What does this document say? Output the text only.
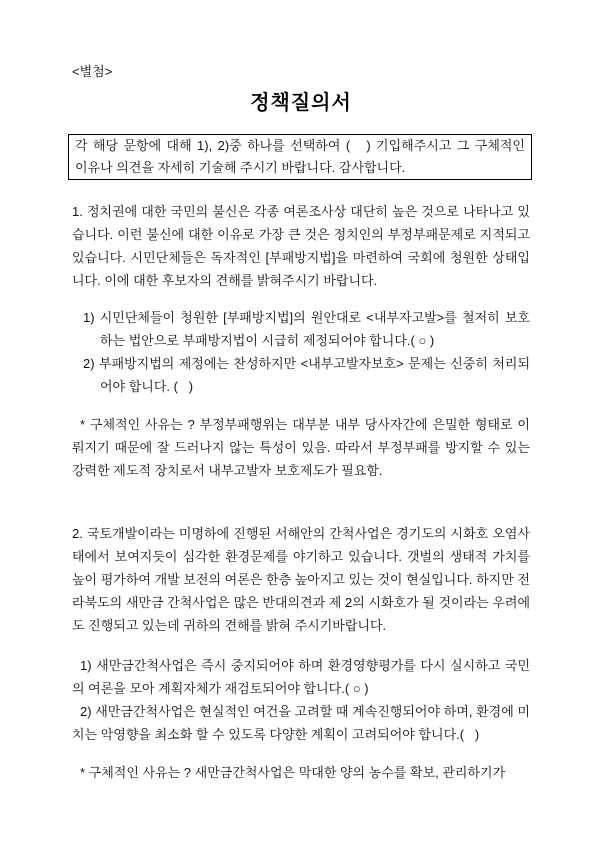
<별첨>
정책질의서
각 해당 문항에 대해 1), 2)중 하나를 선택하여 (   ) 기입해주시고 그 구체적인 이유나 의견을 자세히 기술해 주시기 바랍니다. 감사합니다.
1. 정치권에 대한 국민의 불신은 각종 여론조사상 대단히 높은 것으로 나타나고 있습니다. 이런 불신에 대한 이유로 가장 큰 것은 정치인의 부정부패문제로 지적되고 있습니다. 시민단체들은 독자적인 [부패방지법]을 마련하여 국회에 청원한 상태입니다. 이에 대한 후보자의 견해를 밝혀주시기 바랍니다.
1) 시민단체들이 청원한 [부패방지법]의 원안대로 <내부자고발>를 철저히 보호하는 법안으로 부패방지법이 시급히 제정되어야 합니다.( ○ )
2) 부패방지법의 제정에는 찬성하지만 <내부고발자보호> 문제는 신중히 처리되어야 합니다. (   )
* 구체적인 사유는 ? 부정부패행위는 대부분 내부 당사자간에 은밀한 형태로 이뤄지기 때문에 잘 드러나지 않는 특성이 있음. 따라서 부정부패를 방지할 수 있는 강력한 제도적 장치로서 내부고발자 보호제도가 필요함.
2. 국토개발이라는 미명하에 진행된 서해안의 간척사업은 경기도의 시화호 오염사태에서 보여지듯이 심각한 환경문제를 야기하고 있습니다. 갯벌의 생태적 가치를 높이 평가하여 개발 보전의 여론은 한층 높아지고 있는 것이 현실입니다. 하지만 전라북도의 새만금 간척사업은 많은 반대의견과 제 2의 시화호가 될 것이라는 우려에도 진행되고 있는데 귀하의 견해를 밝혀 주시기바랍니다.
1) 새만금간척사업은 즉시 중지되어야 하며 환경영향평가를 다시 실시하고 국민의 여론을 모아 계획자체가 재검토되어야 합니다.( ○ )
2) 새만금간척사업은 현실적인 여건을 고려할 때 계속진행되어야 하며, 환경에 미치는 악영향을 최소화 할 수 있도록 다양한 계획이 고려되어야 합니다.(   )
* 구체적인 사유는 ? 새만금간척사업은 막대한 양의 농수를 확보, 관리하기가
